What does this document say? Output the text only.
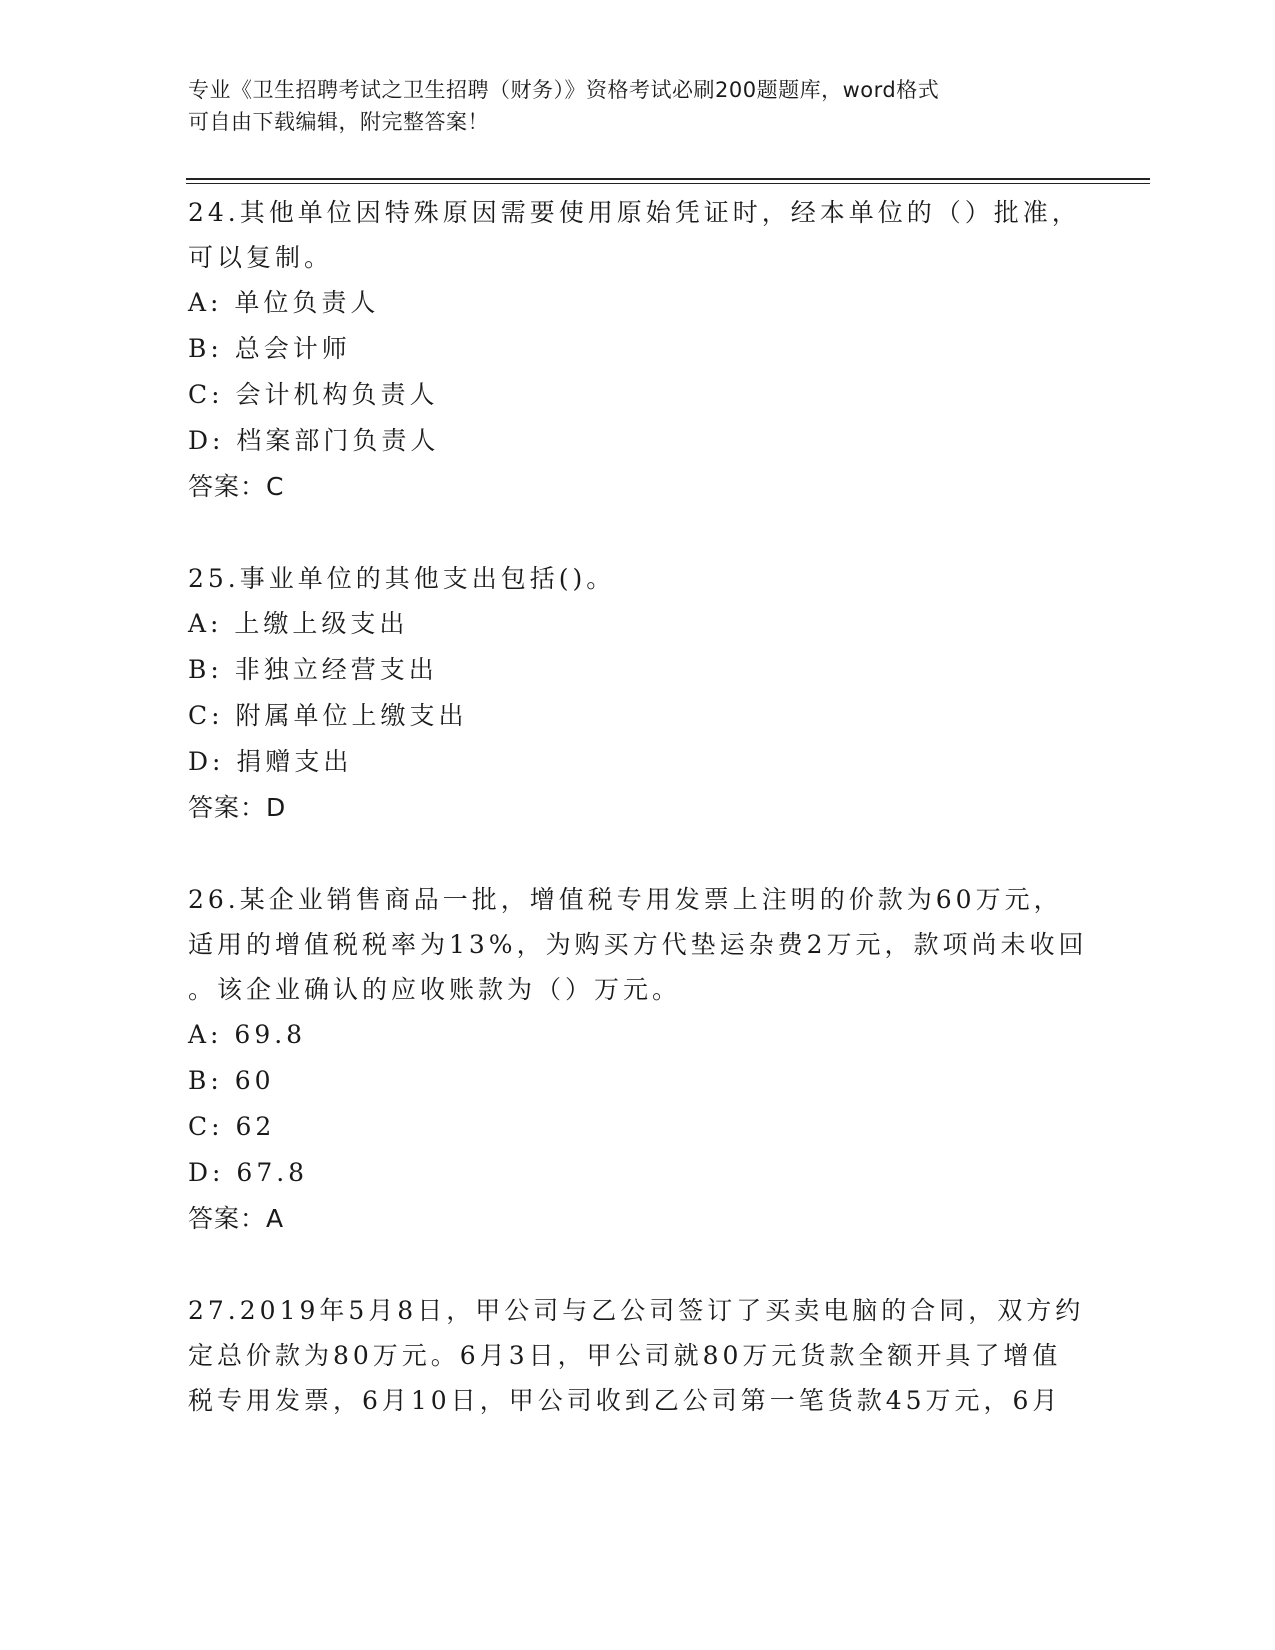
专业《卫生招聘考试之卫生招聘（财务）》资格考试必刷200题题库，word格式
可自由下载编辑，附完整答案！
24.其他单位因特殊原因需要使用原始凭证时，经本单位的（）批准，
可以复制。
A: 单位负责人
B: 总会计师
C: 会计机构负责人
D: 档案部门负责人
答案：C
25.事业单位的其他支出包括()。
A: 上缴上级支出
B: 非独立经营支出
C: 附属单位上缴支出
D: 捐赠支出
答案：D
26.某企业销售商品一批，增值税专用发票上注明的价款为60万元，
适用的增值税税率为13%，为购买方代垫运杂费2万元，款项尚未收回
。该企业确认的应收账款为（）万元。
A: 69.8
B: 60
C: 62
D: 67.8
答案：A
27.2019年5月8日，甲公司与乙公司签订了买卖电脑的合同，双方约
定总价款为80万元。6月3日，甲公司就80万元货款全额开具了增值
税专用发票，6月10日，甲公司收到乙公司第一笔货款45万元，6月
